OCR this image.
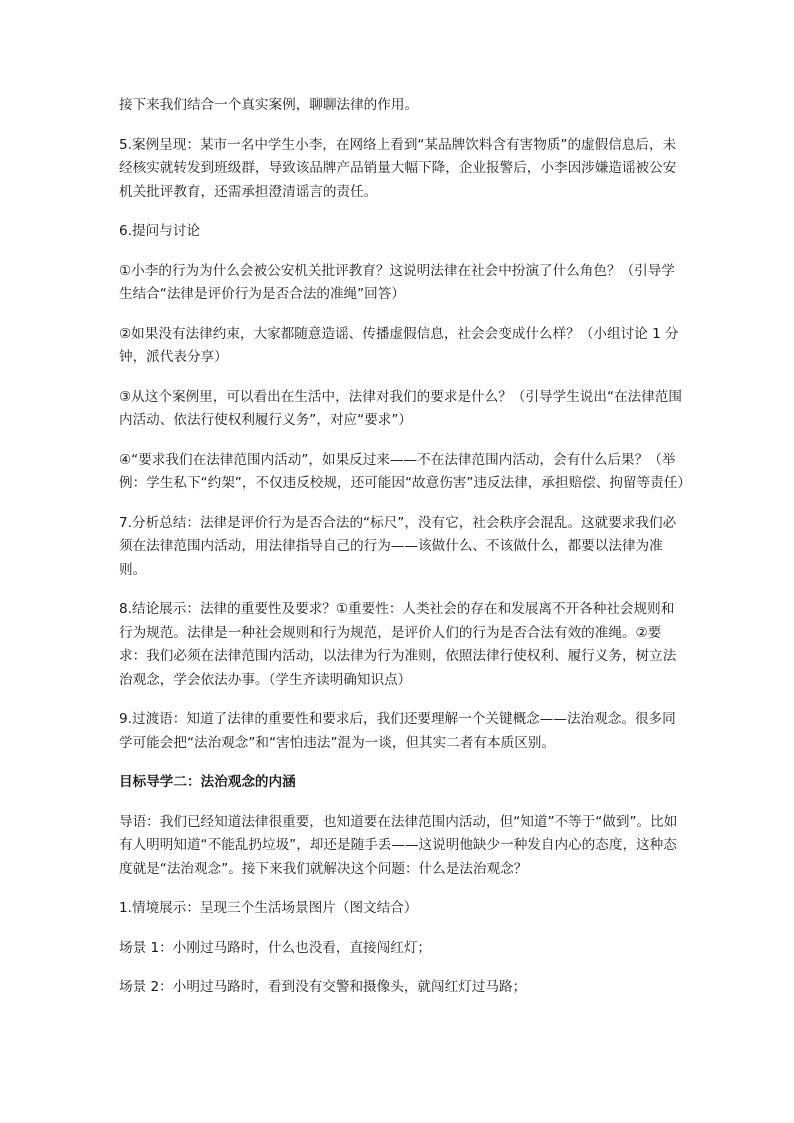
接下来我们结合一个真实案例，聊聊法律的作用。

5.案例呈现：某市一名中学生小李，在网络上看到“某品牌饮料含有害物质”的虚假信息后，未经核实就转发到班级群，导致该品牌产品销量大幅下降，企业报警后，小李因涉嫌造谣被公安机关批评教育，还需承担澄清谣言的责任。

6.提问与讨论

①小李的行为为什么会被公安机关批评教育？这说明法律在社会中扮演了什么角色？（引导学生结合“法律是评价行为是否合法的准绳”回答）

②如果没有法律约束，大家都随意造谣、传播虚假信息，社会会变成什么样？（小组讨论 1 分钟，派代表分享）

③从这个案例里，可以看出在生活中，法律对我们的要求是什么？（引导学生说出“在法律范围内活动、依法行使权利履行义务”，对应“要求”）

④“要求我们在法律范围内活动”，如果反过来——不在法律范围内活动，会有什么后果？（举例：学生私下“约架”，不仅违反校规，还可能因“故意伤害”违反法律，承担赔偿、拘留等责任）

7.分析总结：法律是评价行为是否合法的“标尺”，没有它，社会秩序会混乱。这就要求我们必须在法律范围内活动，用法律指导自己的行为——该做什么、不该做什么，都要以法律为准则。

8.结论展示：法律的重要性及要求？①重要性：人类社会的存在和发展离不开各种社会规则和行为规范。法律是一种社会规则和行为规范，是评价人们的行为是否合法有效的准绳。②要求：我们必须在法律范围内活动，以法律为行为准则，依照法律行使权利、履行义务，树立法治观念，学会依法办事。（学生齐读明确知识点）

9.过渡语：知道了法律的重要性和要求后，我们还要理解一个关键概念——法治观念。很多同学可能会把“法治观念”和“害怕违法”混为一谈，但其实二者有本质区别。

目标导学二：法治观念的内涵

导语：我们已经知道法律很重要，也知道要在法律范围内活动，但“知道”不等于“做到”。比如有人明明知道“不能乱扔垃圾”，却还是随手丢——这说明他缺少一种发自内心的态度，这种态度就是“法治观念”。接下来我们就解决这个问题：什么是法治观念？

1.情境展示：呈现三个生活场景图片（图文结合）

场景 1：小刚过马路时，什么也没看，直接闯红灯；

场景 2：小明过马路时，看到没有交警和摄像头，就闯红灯过马路；
